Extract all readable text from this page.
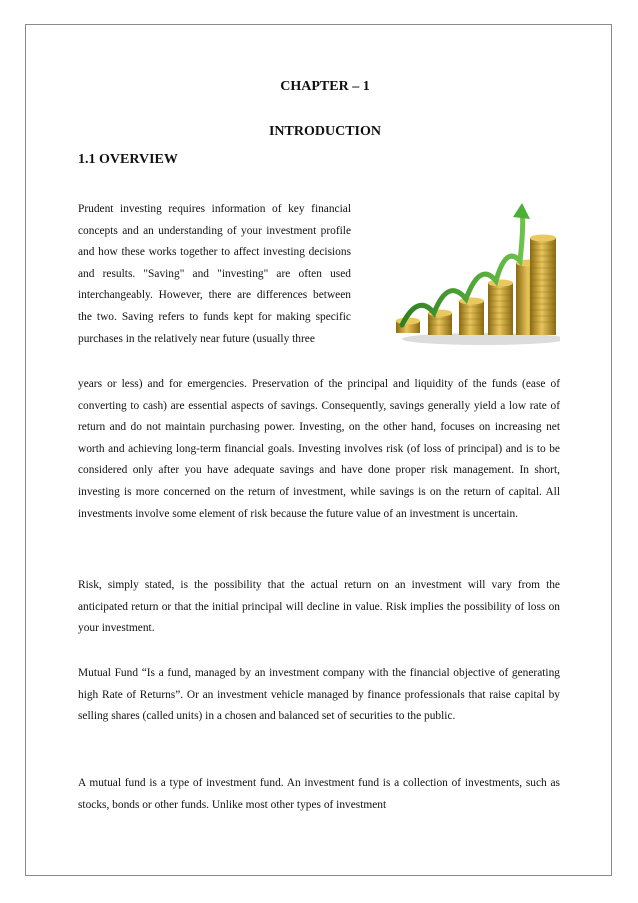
CHAPTER – 1
INTRODUCTION
1.1 OVERVIEW

Prudent investing requires information of key financial concepts and an understanding of your investment profile and how these works together to affect investing decisions and results. "Saving" and "investing" are often used interchangeably. However, there are differences between the two. Saving refers to funds kept for making specific purchases in the relatively near future (usually three

years or less) and for emergencies. Preservation of the principal and liquidity of the funds (ease of converting to cash) are essential aspects of savings. Consequently, savings generally yield a low rate of return and do not maintain purchasing power. Investing, on the other hand, focuses on increasing net worth and achieving long-term financial goals. Investing involves risk (of loss of principal) and is to be considered only after you have adequate savings and have done proper risk management. In short, investing is more concerned on the return of investment, while savings is on the return of capital. All investments involve some element of risk because the future value of an investment is uncertain.

Risk, simply stated, is the possibility that the actual return on an investment will vary from the anticipated return or that the initial principal will decline in value. Risk implies the possibility of loss on your investment.

Mutual Fund “Is a fund, managed by an investment company with the financial objective of generating high Rate of Returns”. Or an investment vehicle managed by finance professionals that raise capital by selling shares (called units) in a chosen and balanced set of securities to the public.

A mutual fund is a type of investment fund. An investment fund is a collection of investments, such as stocks, bonds or other funds. Unlike most other types of investment
